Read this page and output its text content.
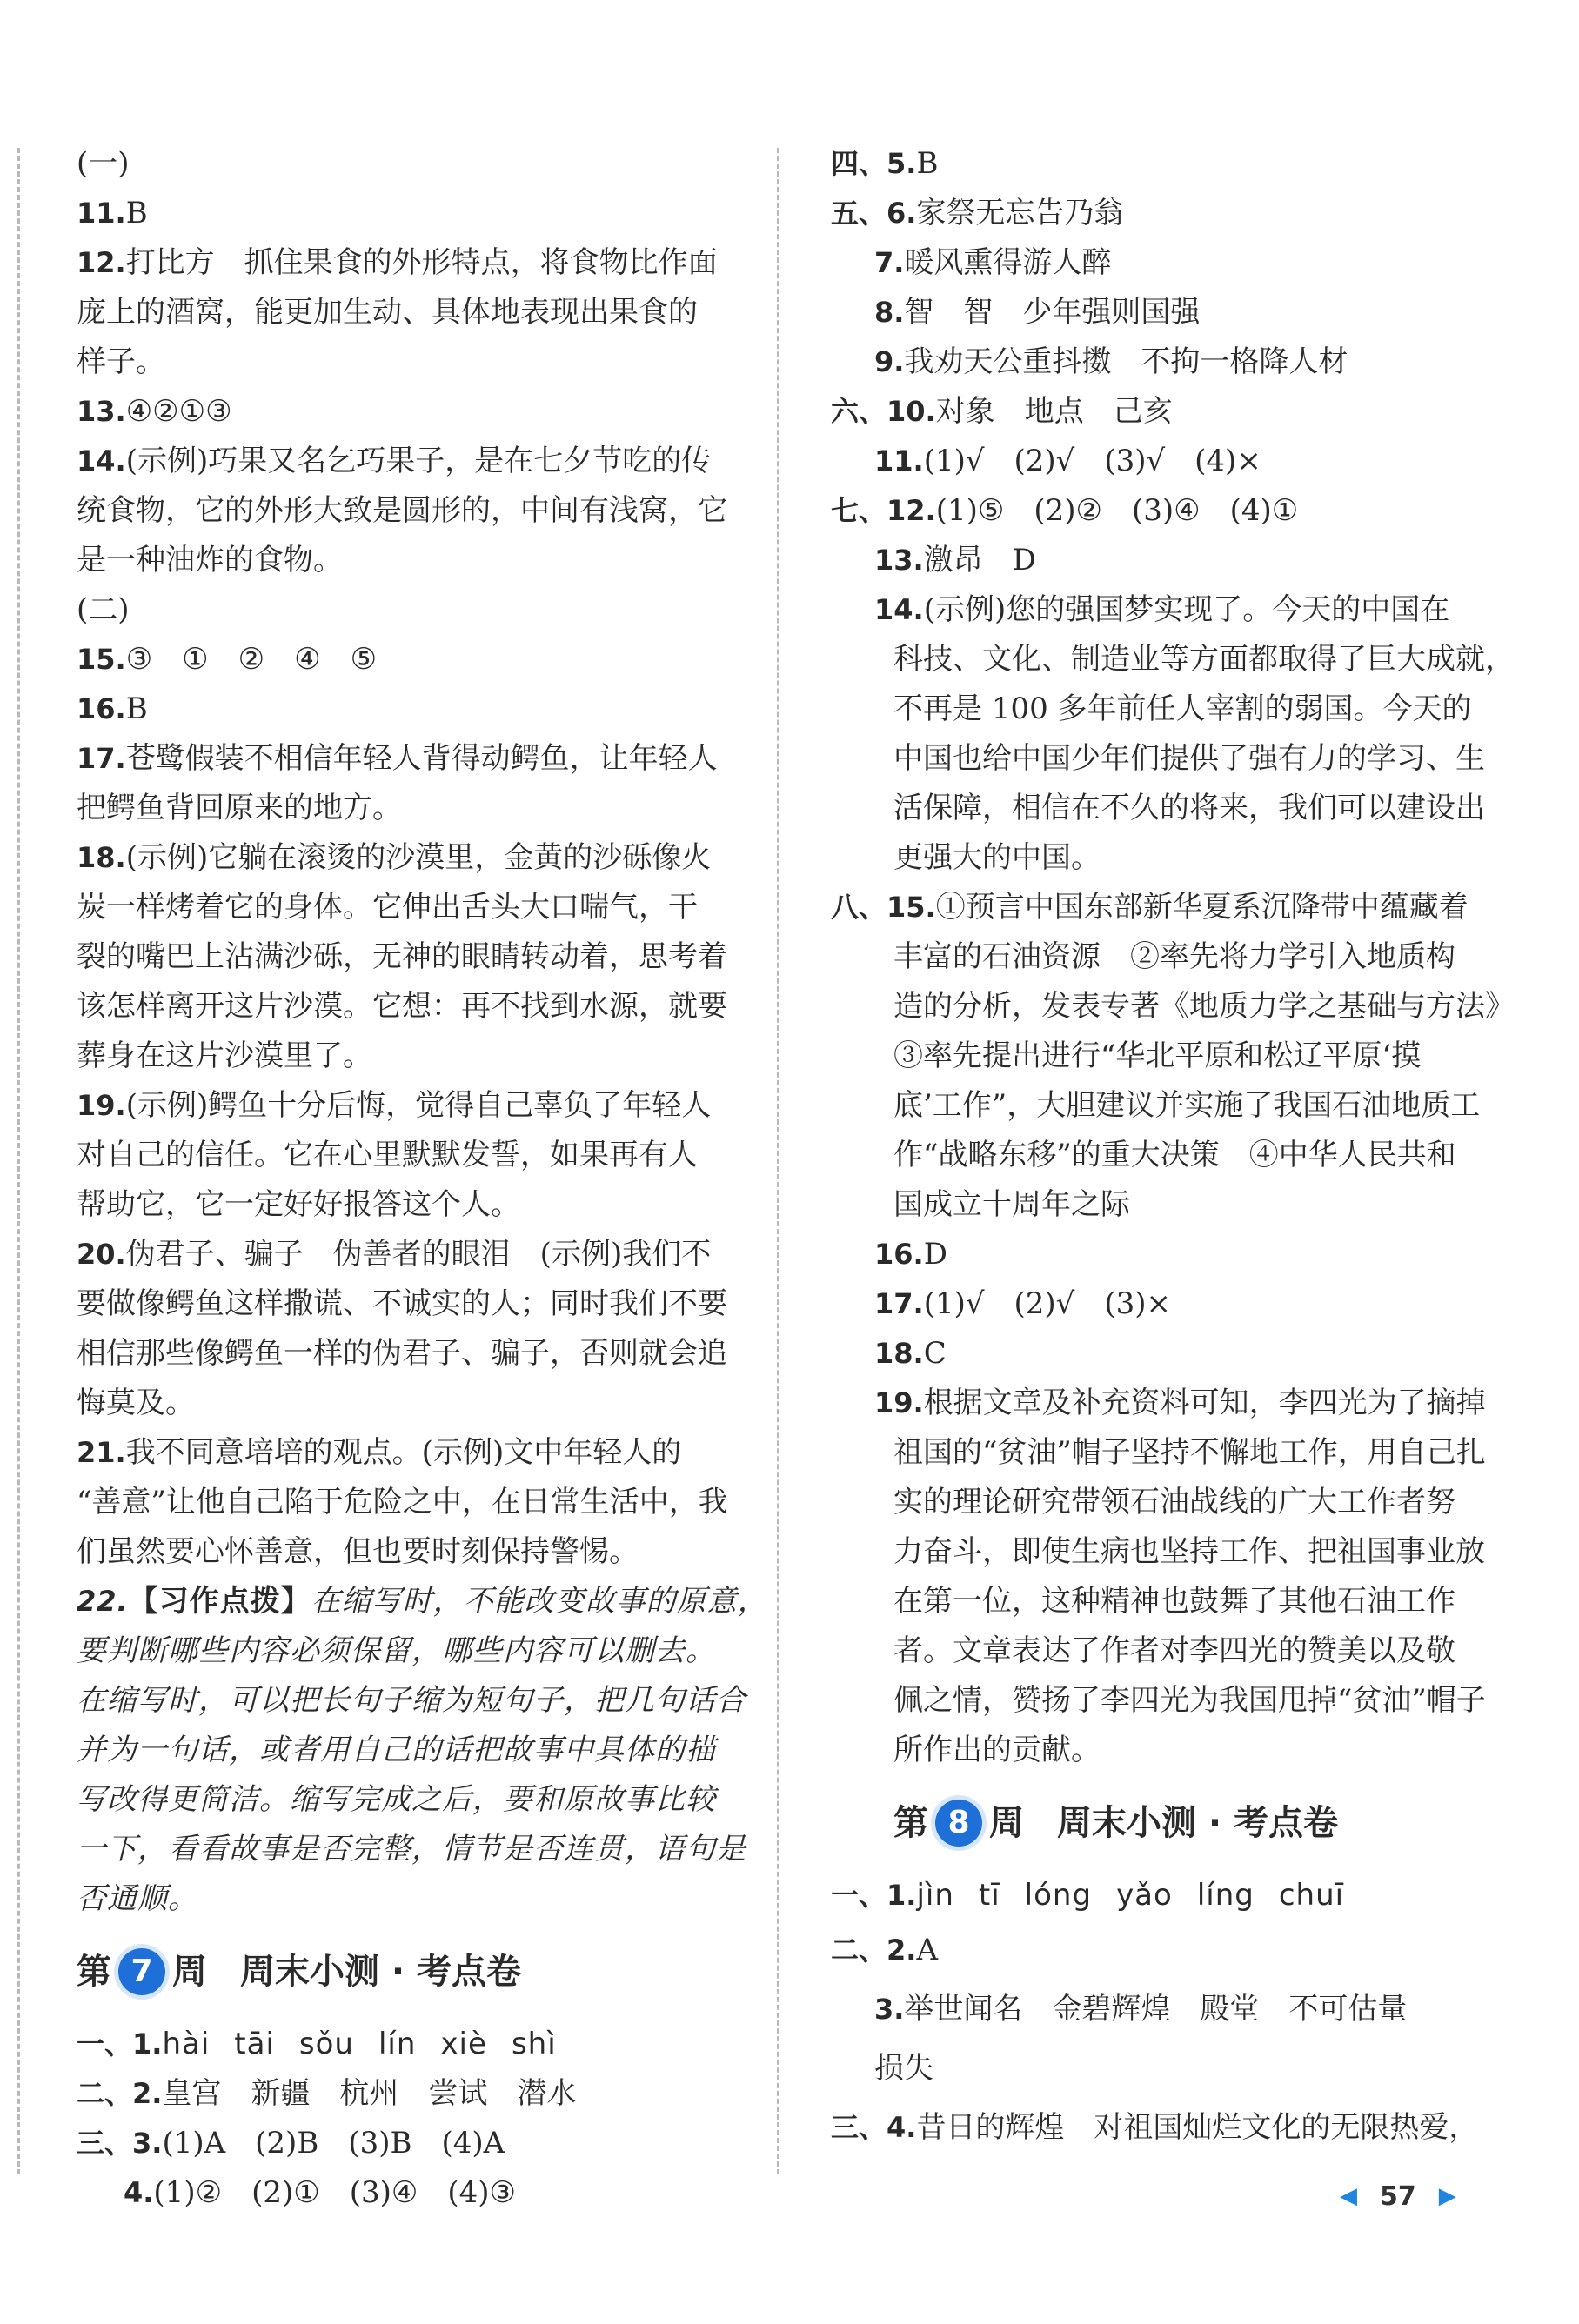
(一)
11.B
12.打比方　抓住果食的外形特点，将食物比作面
庞上的酒窝，能更加生动、具体地表现出果食的
样子。
13.④②①③
14.(示例)巧果又名乞巧果子，是在七夕节吃的传
统食物，它的外形大致是圆形的，中间有浅窝，它
是一种油炸的食物。
(二)
15.③　①　②　④　⑤
16.B
17.苍鹭假装不相信年轻人背得动鳄鱼，让年轻人
把鳄鱼背回原来的地方。
18.(示例)它躺在滚烫的沙漠里，金黄的沙砾像火
炭一样烤着它的身体。它伸出舌头大口喘气，干
裂的嘴巴上沾满沙砾，无神的眼睛转动着，思考着
该怎样离开这片沙漠。它想：再不找到水源，就要
葬身在这片沙漠里了。
19.(示例)鳄鱼十分后悔，觉得自己辜负了年轻人
对自己的信任。它在心里默默发誓，如果再有人
帮助它，它一定好好报答这个人。
20.伪君子、骗子　伪善者的眼泪　(示例)我们不
要做像鳄鱼这样撒谎、不诚实的人；同时我们不要
相信那些像鳄鱼一样的伪君子、骗子，否则就会追
悔莫及。
21.我不同意培培的观点。(示例)文中年轻人的
“善意”让他自己陷于危险之中，在日常生活中，我
们虽然要心怀善意，但也要时刻保持警惕。
22.【习作点拨】在缩写时，不能改变故事的原意，
要判断哪些内容必须保留，哪些内容可以删去。
在缩写时，可以把长句子缩为短句子，把几句话合
并为一句话，或者用自己的话把故事中具体的描
写改得更简洁。缩写完成之后，要和原故事比较
一下，看看故事是否完整，情节是否连贯，语句是
否通顺。
第 7 周 周末小测 · 考点卷
一、1.hài tāi sǒu lín xiè shì
二、2.皇宫　新疆　杭州　尝试　潜水
三、3.(1)A　(2)B　(3)B　(4)A
4.(1)②　(2)①　(3)④　(4)③
四、5.B
五、6.家祭无忘告乃翁
7.暖风熏得游人醉
8.智　智　少年强则国强
9.我劝天公重抖擞　不拘一格降人材
六、10.对象　地点　己亥
11.(1)√　(2)√　(3)√　(4)×
七、12.(1)⑤　(2)②　(3)④　(4)①
13.激昂　D
14.(示例)您的强国梦实现了。今天的中国在
科技、文化、制造业等方面都取得了巨大成就，
不再是 100 多年前任人宰割的弱国。今天的
中国也给中国少年们提供了强有力的学习、生
活保障，相信在不久的将来，我们可以建设出
更强大的中国。
八、15.①预言中国东部新华夏系沉降带中蕴藏着
丰富的石油资源　②率先将力学引入地质构
造的分析，发表专著《地质力学之基础与方法》
③率先提出进行“华北平原和松辽平原‘摸
底’工作”，大胆建议并实施了我国石油地质工
作“战略东移”的重大决策　④中华人民共和
国成立十周年之际
16.D
17.(1)√　(2)√　(3)×
18.C
19.根据文章及补充资料可知，李四光为了摘掉
祖国的“贫油”帽子坚持不懈地工作，用自己扎
实的理论研究带领石油战线的广大工作者努
力奋斗，即使生病也坚持工作、把祖国事业放
在第一位，这种精神也鼓舞了其他石油工作
者。文章表达了作者对李四光的赞美以及敬
佩之情，赞扬了李四光为我国甩掉“贫油”帽子
所作出的贡献。
第 8 周 周末小测 · 考点卷
一、1.jìn tī lóng yǎo líng chuī
二、2.A
3.举世闻名　金碧辉煌　殿堂　不可估量
损失
三、4.昔日的辉煌　对祖国灿烂文化的无限热爱，
◀ 57 ▶
